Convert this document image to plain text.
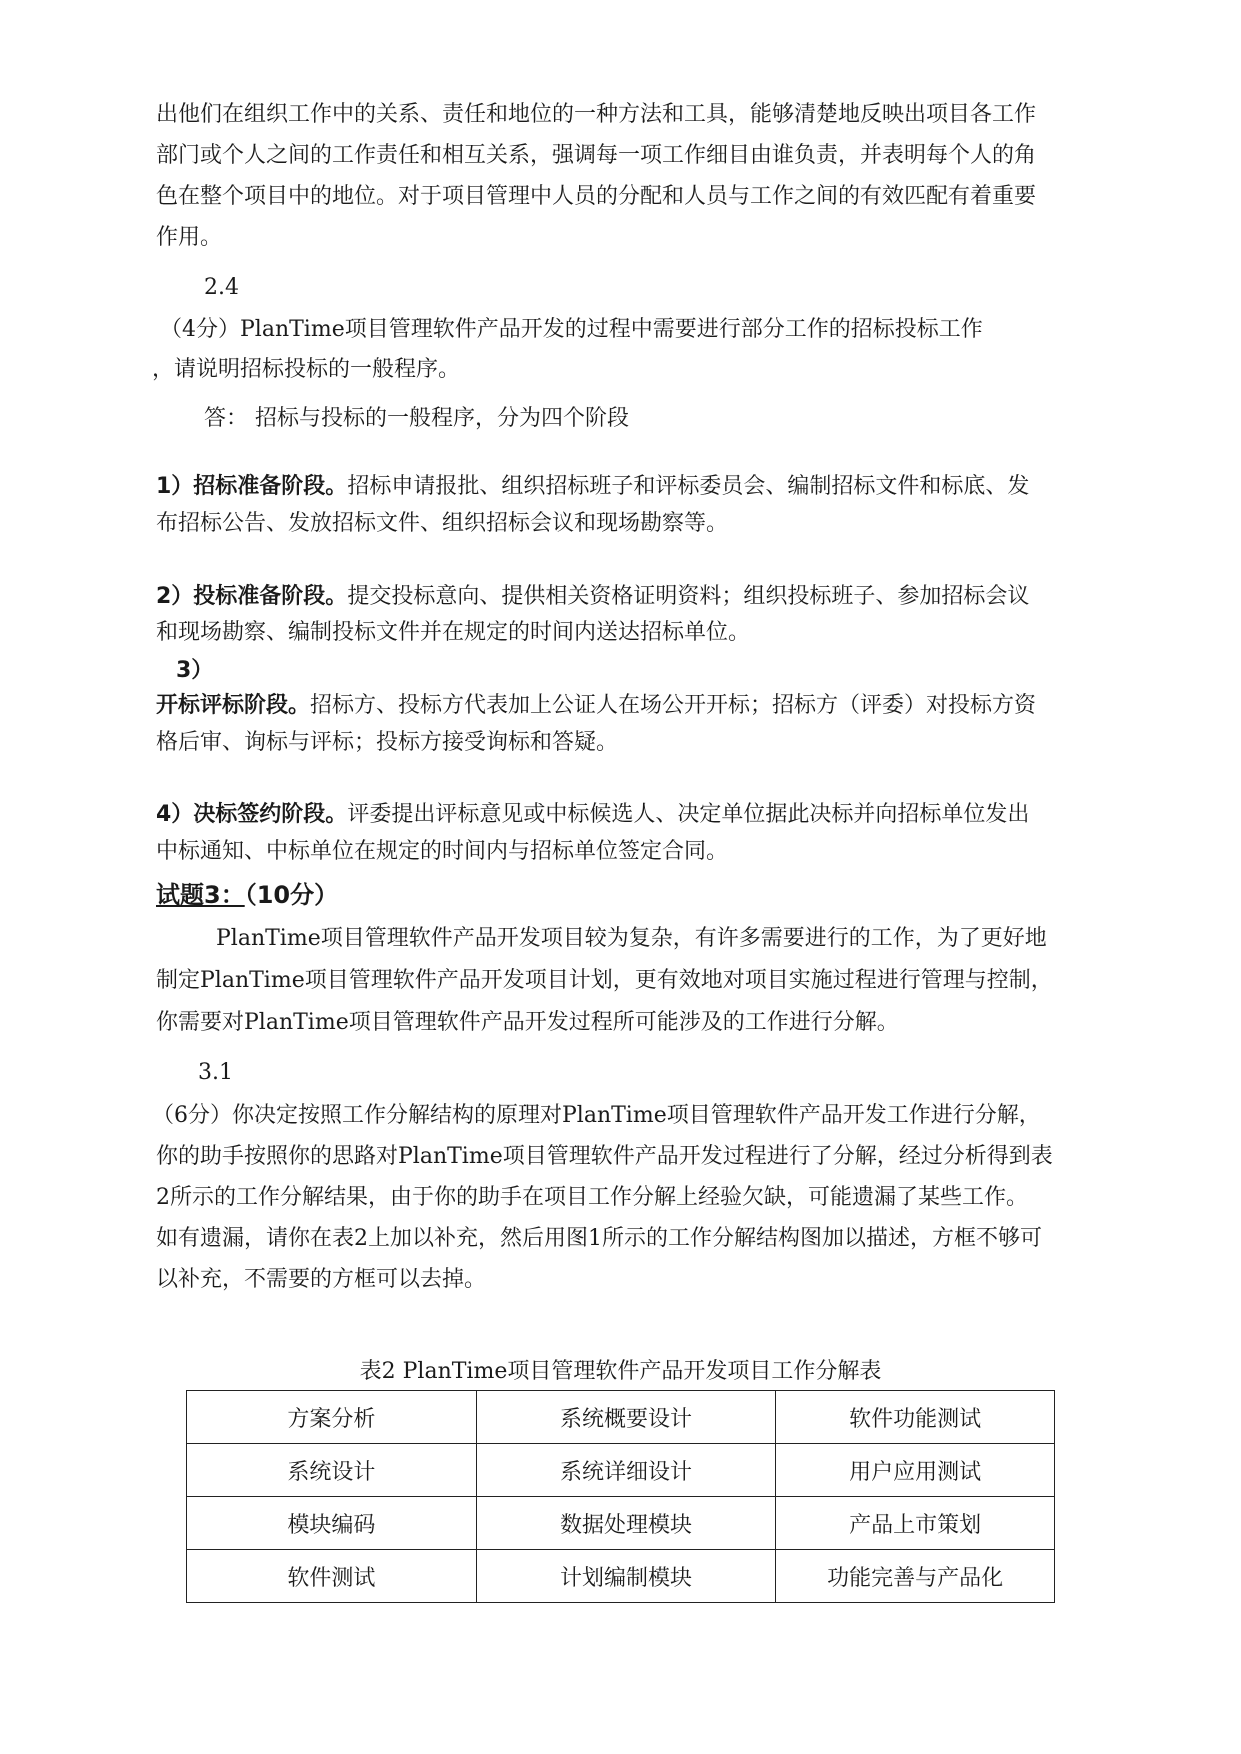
出他们在组织工作中的关系、责任和地位的一种方法和工具，能够清楚地反映出项目各工作
部门或个人之间的工作责任和相互关系，强调每一项工作细目由谁负责，并表明每个人的角
色在整个项目中的地位。对于项目管理中人员的分配和人员与工作之间的有效匹配有着重要
作用。
2.4
（4分）PlanTime项目管理软件产品开发的过程中需要进行部分工作的招标投标工作
，请说明招标投标的一般程序。
答： 招标与投标的一般程序，分为四个阶段
1）招标准备阶段。招标申请报批、组织招标班子和评标委员会、编制招标文件和标底、发
布招标公告、发放招标文件、组织招标会议和现场勘察等。
2）投标准备阶段。提交投标意向、提供相关资格证明资料；组织投标班子、参加招标会议
和现场勘察、编制投标文件并在规定的时间内送达招标单位。
3）
开标评标阶段。招标方、投标方代表加上公证人在场公开开标；招标方（评委）对投标方资
格后审、询标与评标；投标方接受询标和答疑。
4）决标签约阶段。评委提出评标意见或中标候选人、决定单位据此决标并向招标单位发出
中标通知、中标单位在规定的时间内与招标单位签定合同。
试题3：（10分）
PlanTime项目管理软件产品开发项目较为复杂，有许多需要进行的工作，为了更好地
制定PlanTime项目管理软件产品开发项目计划，更有效地对项目实施过程进行管理与控制，
你需要对PlanTime项目管理软件产品开发过程所可能涉及的工作进行分解。
3.1
（6分）你决定按照工作分解结构的原理对PlanTime项目管理软件产品开发工作进行分解，
你的助手按照你的思路对PlanTime项目管理软件产品开发过程进行了分解，经过分析得到表
2所示的工作分解结果，由于你的助手在项目工作分解上经验欠缺，可能遗漏了某些工作。
如有遗漏，请你在表2上加以补充，然后用图1所示的工作分解结构图加以描述，方框不够可
以补充，不需要的方框可以去掉。
表2 PlanTime项目管理软件产品开发项目工作分解表
方案分析	系统概要设计	软件功能测试
系统设计	系统详细设计	用户应用测试
模块编码	数据处理模块	产品上市策划
软件测试	计划编制模块	功能完善与产品化
